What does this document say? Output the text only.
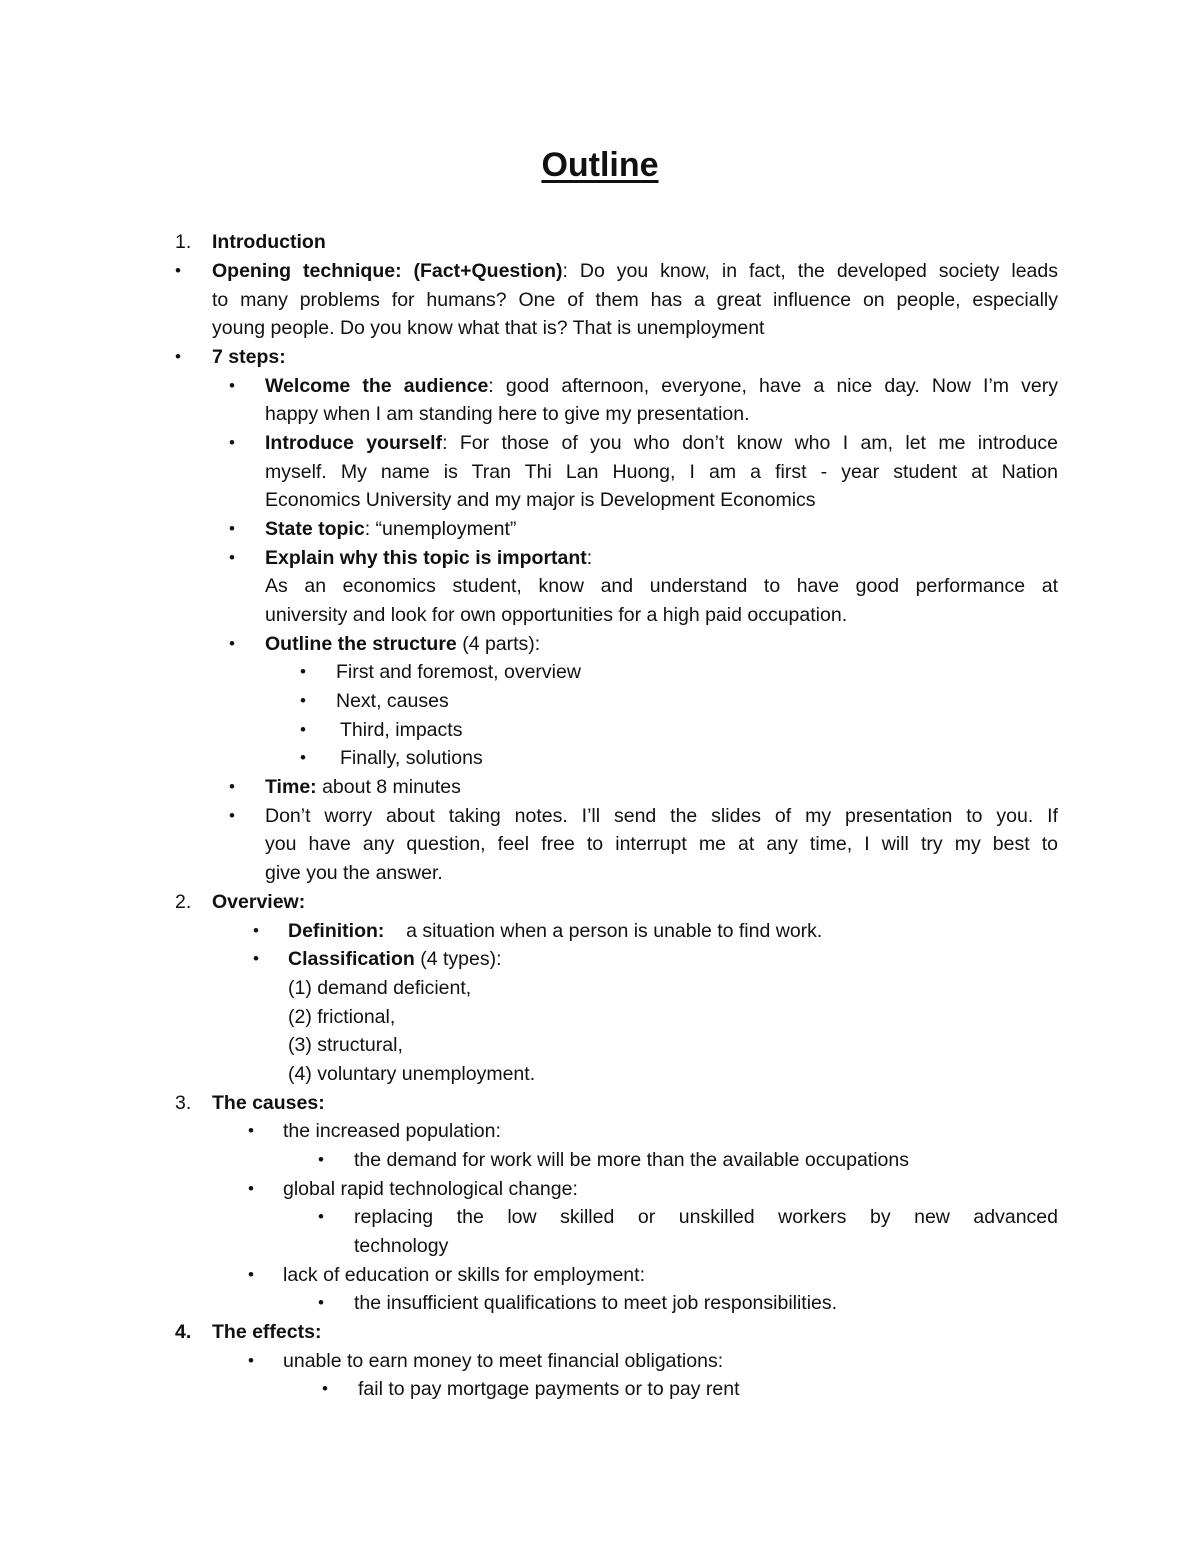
Outline
1. Introduction
• Opening technique: (Fact+Question): Do you know, in fact, the developed society leads
to many problems for humans? One of them has a great influence on people, especially
young people. Do you know what that is? That is unemployment
• 7 steps:
• Welcome the audience: good afternoon, everyone, have a nice day. Now I’m very
happy when I am standing here to give my presentation.
• Introduce yourself: For those of you who don’t know who I am, let me introduce
myself. My name is Tran Thi Lan Huong, I am a first - year student at Nation
Economics University and my major is Development Economics
• State topic: “unemployment”
• Explain why this topic is important:
As an economics student, know and understand to have good performance at
university and look for own opportunities for a high paid occupation.
• Outline the structure (4 parts):
• First and foremost, overview
• Next, causes
• Third, impacts
• Finally, solutions
• Time: about 8 minutes
• Don’t worry about taking notes. I’ll send the slides of my presentation to you. If
you have any question, feel free to interrupt me at any time, I will try my best to
give you the answer.
2. Overview:
• Definition: a situation when a person is unable to find work.
• Classification (4 types):
(1) demand deficient,
(2) frictional,
(3) structural,
(4) voluntary unemployment.
3. The causes:
• the increased population:
• the demand for work will be more than the available occupations
• global rapid technological change:
• replacing the low skilled or unskilled workers by new advanced
technology
• lack of education or skills for employment:
• the insufficient qualifications to meet job responsibilities.
4. The effects:
• unable to earn money to meet financial obligations:
• fail to pay mortgage payments or to pay rent
